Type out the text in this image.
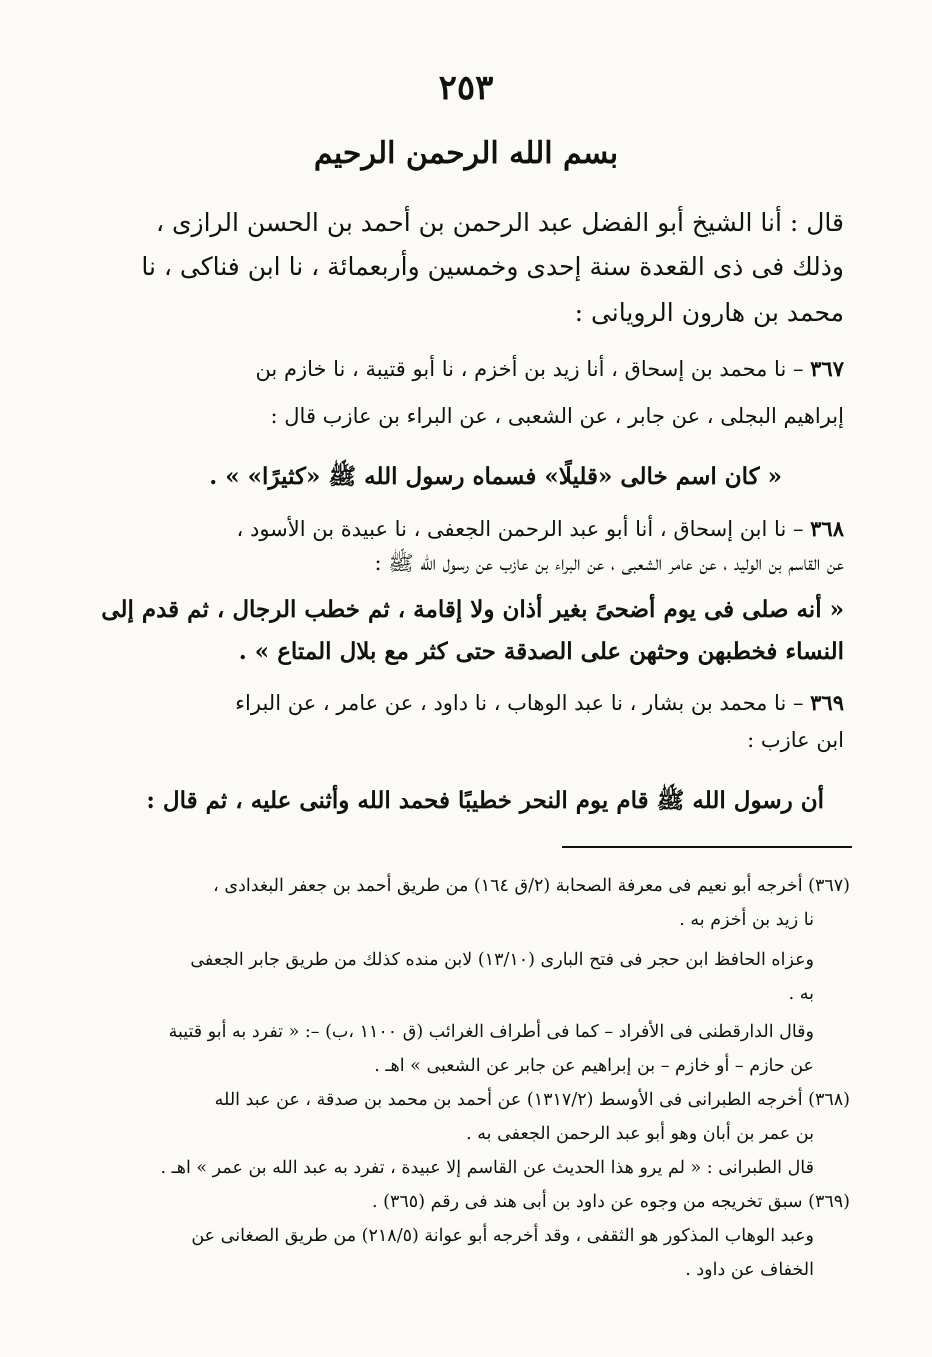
٢٥٣
بسم الله الرحمن الرحيم
قال : أنا الشيخ أبو الفضل عبد الرحمن بن أحمد بن الحسن الرازى ،
وذلك فى ذى القعدة سنة إحدى وخمسين وأربعمائة ، نا ابن فناكى ، نا
محمد بن هارون الرويانى :
٣٦٧ – نا محمد بن إسحاق ، أنا زيد بن أخزم ، نا أبو قتيبة ، نا خازم بن
إبراهيم البجلى ، عن جابر ، عن الشعبى ، عن البراء بن عازب قال :
« كان اسم خالى «قليلًا» فسماه رسول الله ﷺ «كثيرًا» » .
٣٦٨ – نا ابن إسحاق ، أنا أبو عبد الرحمن الجعفى ، نا عبيدة بن الأسود ،
عن القاسم بن الوليد ، عن عامر الشعبى ، عن البراء بن عازب عن رسول الله ﷺ :
« أنه صلى فى يوم أضحىً بغير أذان ولا إقامة ، ثم خطب الرجال ، ثم قدم إلى
النساء فخطبهن وحثهن على الصدقة حتى كثر مع بلال المتاع » .
٣٦٩ – نا محمد بن بشار ، نا عبد الوهاب ، نا داود ، عن عامر ، عن البراء
ابن عازب :
أن رسول الله ﷺ قام يوم النحر خطيبًا فحمد الله وأثنى عليه ، ثم قال :
(٣٦٧) أخرجه أبو نعيم فى معرفة الصحابة (٢/ق ١٦٤) من طريق أحمد بن جعفر البغدادى ،
نا زيد بن أخزم به .
وعزاه الحافظ ابن حجر فى فتح البارى (١٣/١٠) لابن منده كذلك من طريق جابر الجعفى
به .
وقال الدارقطنى فى الأفراد – كما فى أطراف الغرائب (ق ١١٠٠ ،ب) –: « تفرد به أبو قتيبة
عن حازم – أو خازم – بن إبراهيم عن جابر عن الشعبى » اهـ .
(٣٦٨) أخرجه الطبرانى فى الأوسط (١٣١٧/٢) عن أحمد بن محمد بن صدقة ، عن عبد الله
بن عمر بن أبان وهو أبو عبد الرحمن الجعفى به .
قال الطبرانى : « لم يرو هذا الحديث عن القاسم إلا عبيدة ، تفرد به عبد الله بن عمر » اهـ .
(٣٦٩) سبق تخريجه من وجوه عن داود بن أبى هند فى رقم (٣٦٥) .
وعبد الوهاب المذكور هو الثقفى ، وقد أخرجه أبو عوانة (٢١٨/٥) من طريق الصغانى عن
الخفاف عن داود .
